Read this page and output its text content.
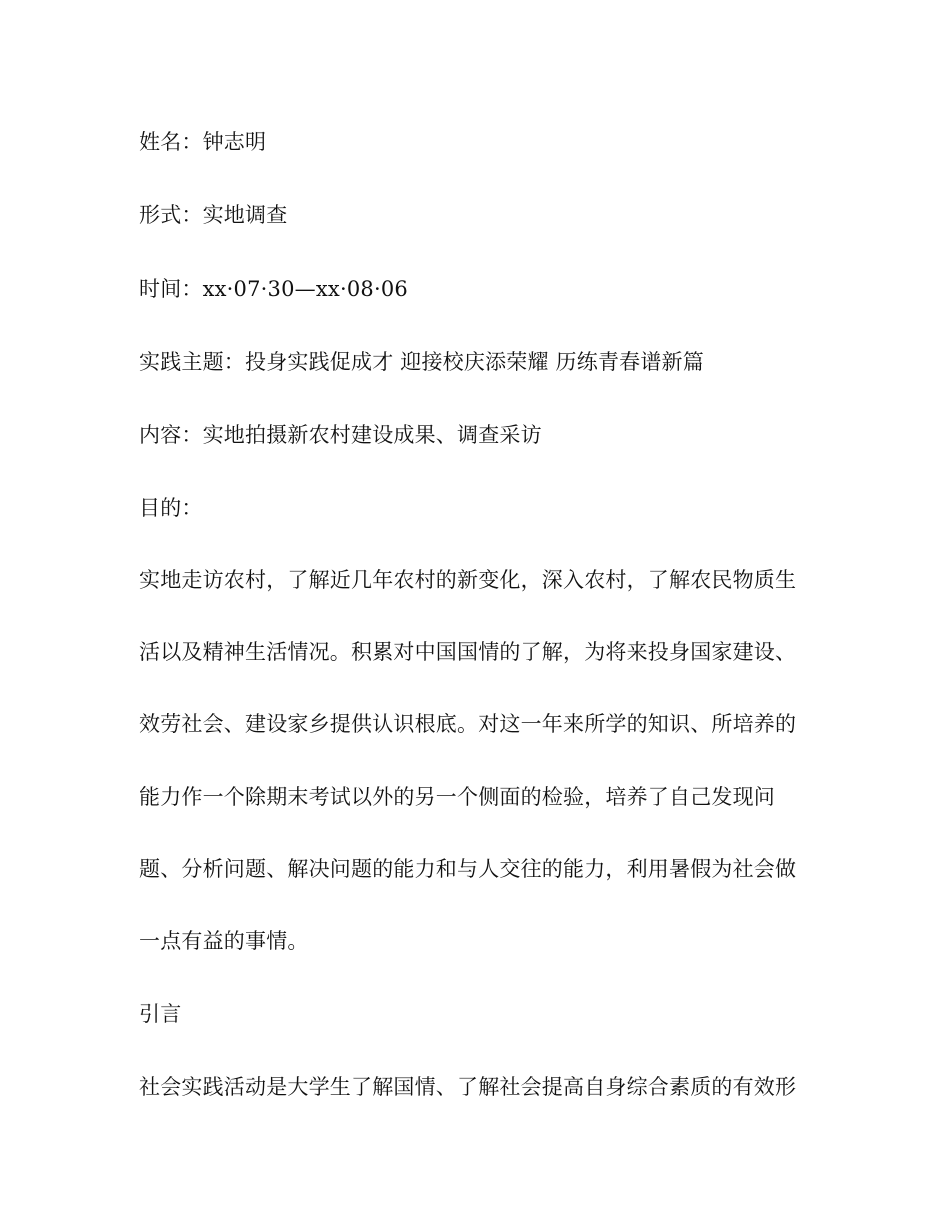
姓名：钟志明
形式：实地调查
时间：xx·07·30—xx·08·06
实践主题：投身实践促成才 迎接校庆添荣耀 历练青春谱新篇
内容：实地拍摄新农村建设成果、调查采访
目的：
实地走访农村，了解近几年农村的新变化，深入农村，了解农民物质生
活以及精神生活情况。积累对中国国情的了解，为将来投身国家建设、
效劳社会、建设家乡提供认识根底。对这一年来所学的知识、所培养的
能力作一个除期末考试以外的另一个侧面的检验，培养了自己发现问
题、分析问题、解决问题的能力和与人交往的能力，利用暑假为社会做
一点有益的事情。
引言
社会实践活动是大学生了解国情、了解社会提高自身综合素质的有效形
